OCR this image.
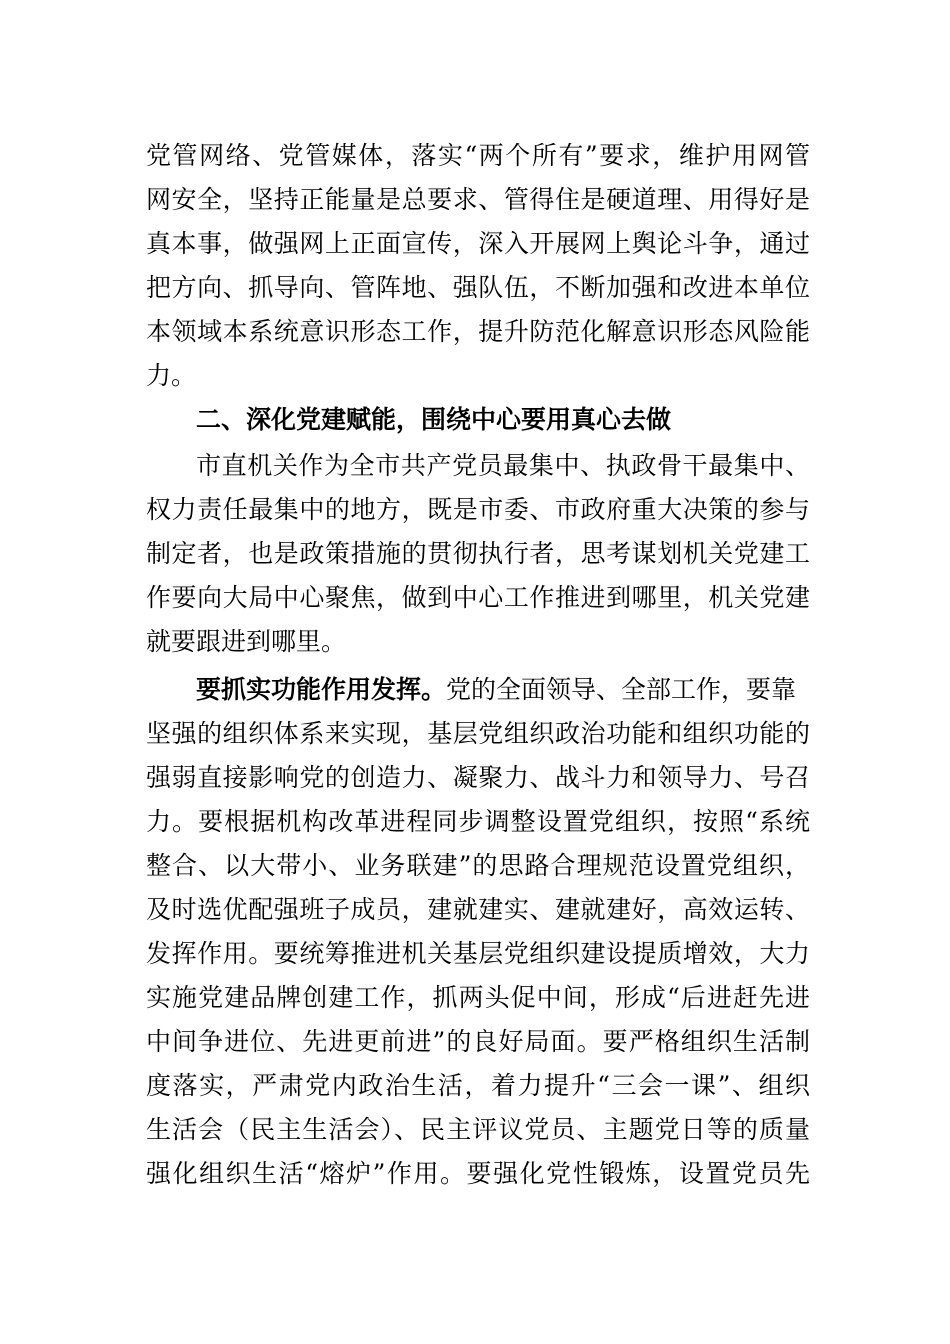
党管网络、党管媒体，落实“两个所有”要求，维护用网管
网安全，坚持正能量是总要求、管得住是硬道理、用得好是
真本事，做强网上正面宣传，深入开展网上舆论斗争，通过
把方向、抓导向、管阵地、强队伍，不断加强和改进本单位
本领域本系统意识形态工作，提升防范化解意识形态风险能
力。
二、深化党建赋能，围绕中心要用真心去做
市直机关作为全市共产党员最集中、执政骨干最集中、
权力责任最集中的地方，既是市委、市政府重大决策的参与
制定者，也是政策措施的贯彻执行者，思考谋划机关党建工
作要向大局中心聚焦，做到中心工作推进到哪里，机关党建
就要跟进到哪里。
要抓实功能作用发挥。党的全面领导、全部工作，要靠
坚强的组织体系来实现，基层党组织政治功能和组织功能的
强弱直接影响党的创造力、凝聚力、战斗力和领导力、号召
力。要根据机构改革进程同步调整设置党组织，按照“系统
整合、以大带小、业务联建”的思路合理规范设置党组织，
及时选优配强班子成员，建就建实、建就建好，高效运转、
发挥作用。要统筹推进机关基层党组织建设提质增效，大力
实施党建品牌创建工作，抓两头促中间，形成“后进赶先进
中间争进位、先进更前进”的良好局面。要严格组织生活制
度落实，严肃党内政治生活，着力提升“三会一课”、组织
生活会（民主生活会）、民主评议党员、主题党日等的质量
强化组织生活“熔炉”作用。要强化党性锻炼，设置党员先
